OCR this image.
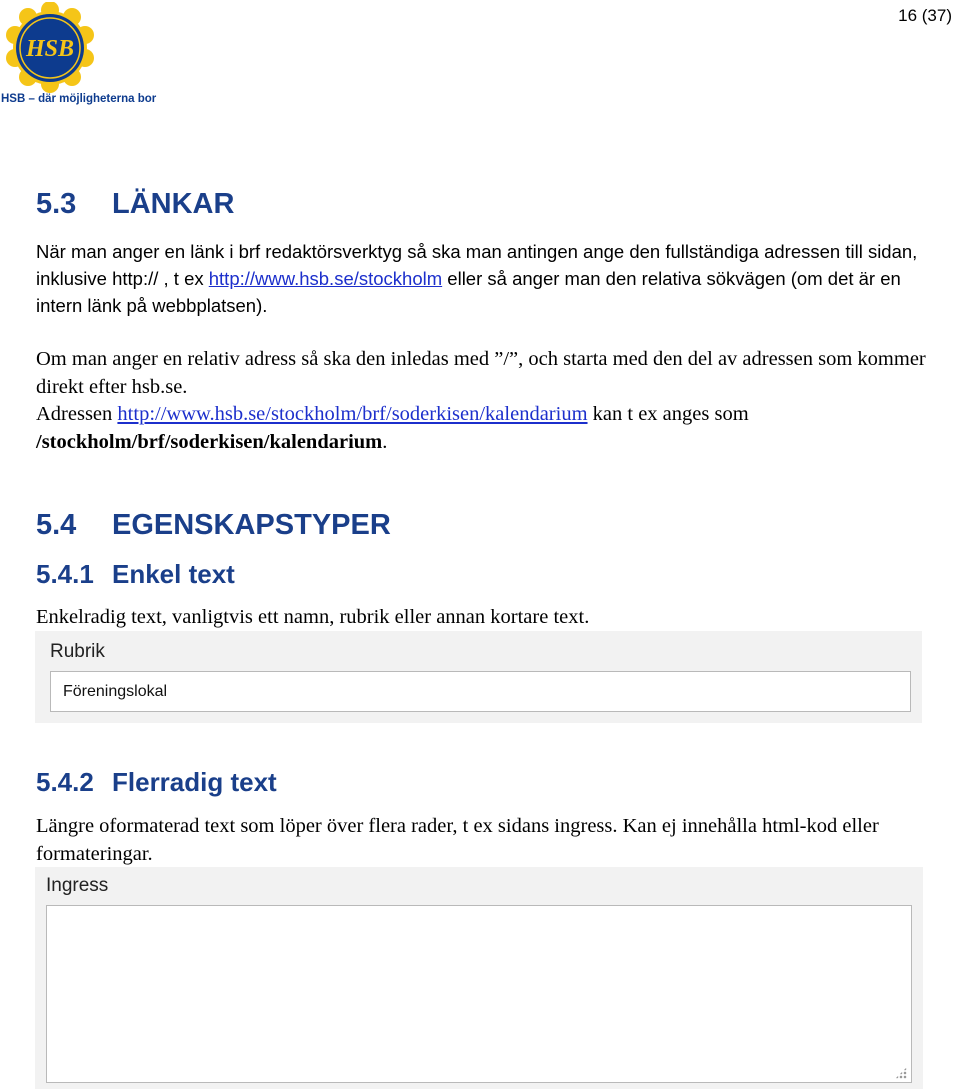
16 (37)
HSB
HSB – där möjligheterna bor
5.3 LÄNKAR
När man anger en länk i brf redaktörsverktyg så ska man antingen ange den fullständiga adressen till sidan, inklusive http:// , t ex http://www.hsb.se/stockholm eller så anger man den relativa sökvägen (om det är en intern länk på webbplatsen).
Om man anger en relativ adress så ska den inledas med ”/”, och starta med den del av adressen som kommer direkt efter hsb.se.
Adressen http://www.hsb.se/stockholm/brf/soderkisen/kalendarium kan t ex anges som /stockholm/brf/soderkisen/kalendarium.
5.4 EGENSKAPSTYPER
5.4.1 Enkel text
Enkelradig text, vanligtvis ett namn, rubrik eller annan kortare text.
Rubrik
Föreningslokal
5.4.2 Flerradig text
Längre oformaterad text som löper över flera rader, t ex sidans ingress. Kan ej innehålla html-kod eller formateringar.
Ingress
